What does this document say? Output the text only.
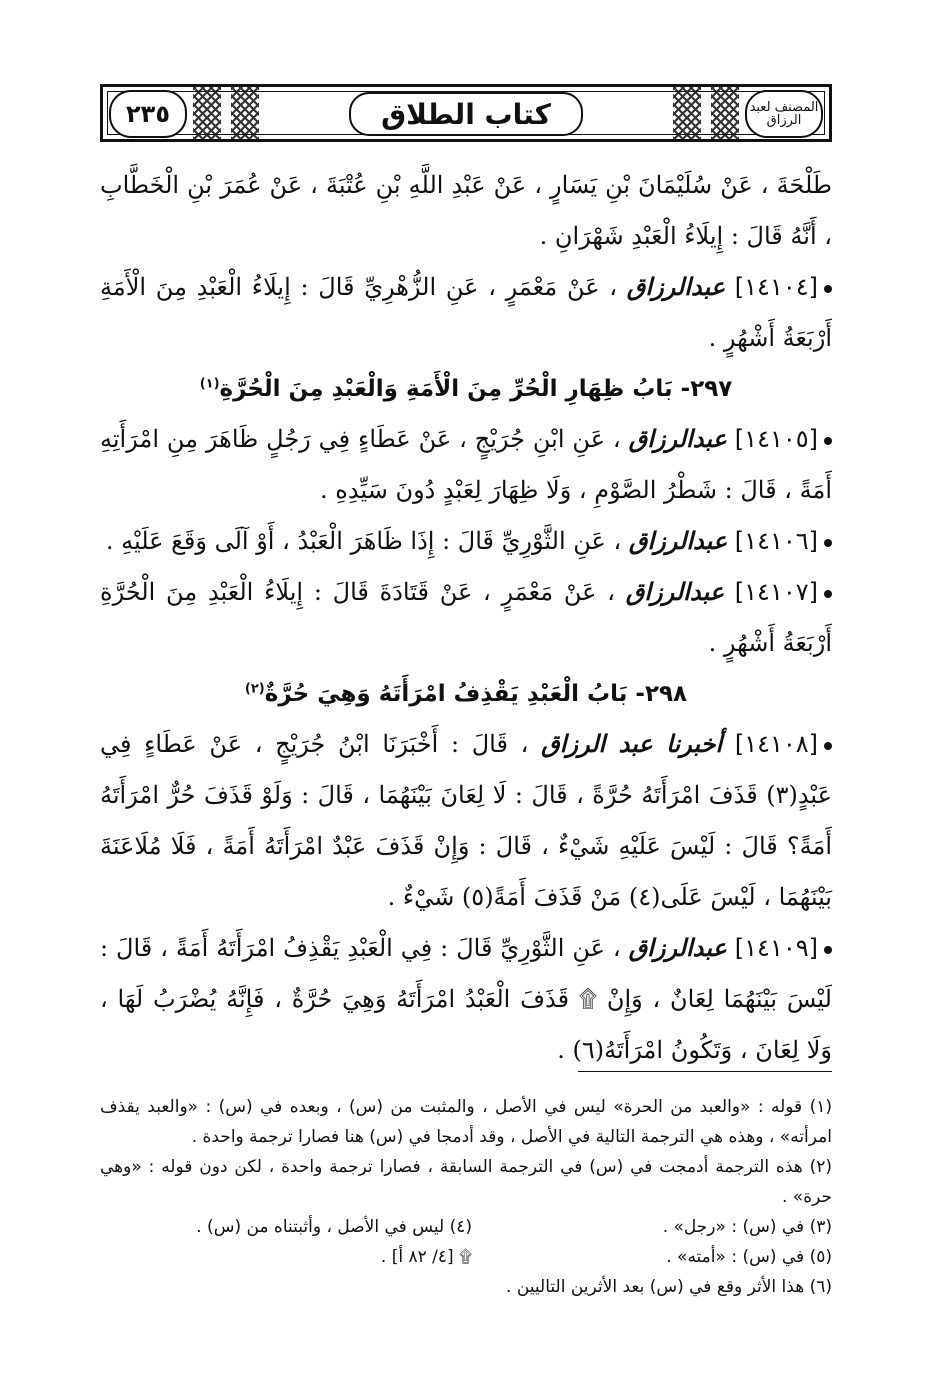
٢٣٥	كتاب الطلاق	المصنف لعبد الرزاق

طَلْحَةَ ، عَنْ سُلَيْمَانَ بْنِ يَسَارٍ ، عَنْ عَبْدِ اللَّهِ بْنِ عُتْبَةَ ، عَنْ عُمَرَ بْنِ الْخَطَّابِ ، أَنَّهُ قَالَ : إِيلَاءُ الْعَبْدِ شَهْرَانِ .

[١٤١٠٤] عبدالرزاق ، عَنْ مَعْمَرٍ ، عَنِ الزُّهْرِيِّ قَالَ : إِيلَاءُ الْعَبْدِ مِنَ الْأَمَةِ أَرْبَعَةُ أَشْهُرٍ .

٢٩٧- بَابُ ظِهَارِ الْحُرِّ مِنَ الْأَمَةِ وَالْعَبْدِ مِنَ الْحُرَّةِ$^{(١)}$

[١٤١٠٥] عبدالرزاق ، عَنِ ابْنِ جُرَيْجٍ ، عَنْ عَطَاءٍ فِي رَجُلٍ ظَاهَرَ مِنِ امْرَأَتِهِ أَمَةً ، قَالَ : شَطْرُ الصَّوْمِ ، وَلَا ظِهَارَ لِعَبْدٍ دُونَ سَيِّدِهِ .

[١٤١٠٦] عبدالرزاق ، عَنِ الثَّوْرِيِّ قَالَ : إِذَا ظَاهَرَ الْعَبْدُ ، أَوْ آلَى وَقَعَ عَلَيْهِ .

[١٤١٠٧] عبدالرزاق ، عَنْ مَعْمَرٍ ، عَنْ قَتَادَةَ قَالَ : إِيلَاءُ الْعَبْدِ مِنَ الْحُرَّةِ أَرْبَعَةُ أَشْهُرٍ .

٢٩٨- بَابُ الْعَبْدِ يَقْذِفُ امْرَأَتَهُ وَهِيَ حُرَّةٌ$^{(٢)}$

[١٤١٠٨] أخبرنا عبد الرزاق ، قَالَ : أَخْبَرَنَا ابْنُ جُرَيْجٍ ، عَنْ عَطَاءٍ فِي عَبْدٍ(٣) قَذَفَ امْرَأَتَهُ حُرَّةً ، قَالَ : لَا لِعَانَ بَيْنَهُمَا ، قَالَ : وَلَوْ قَذَفَ حُرٌّ امْرَأَتَهُ أَمَةً؟ قَالَ : لَيْسَ عَلَيْهِ شَيْءٌ ، قَالَ : وَإِنْ قَذَفَ عَبْدٌ امْرَأَتَهُ أَمَةً ، فَلَا مُلَاعَنَةَ بَيْنَهُمَا ، لَيْسَ عَلَى(٤) مَنْ قَذَفَ أَمَةً(٥) شَيْءٌ .

[١٤١٠٩] عبدالرزاق ، عَنِ الثَّوْرِيِّ قَالَ : فِي الْعَبْدِ يَقْذِفُ امْرَأَتَهُ أَمَةً ، قَالَ : لَيْسَ بَيْنَهُمَا لِعَانٌ ، وَإِنْ ۩ قَذَفَ الْعَبْدُ امْرَأَتَهُ وَهِيَ حُرَّةٌ ، فَإِنَّهُ يُضْرَبُ لَهَا ، وَلَا لِعَانَ ، وَتَكُونُ امْرَأَتَهُ(٦) .

(١) قوله : «والعبد من الحرة» ليس في الأصل ، والمثبت من (س) ، وبعده في (س) : «والعبد يقذف امرأته» ، وهذه هي الترجمة التالية في الأصل ، وقد أدمجا في (س) هنا فصارا ترجمة واحدة .

(٢) هذه الترجمة أدمجت في (س) في الترجمة السابقة ، فصارا ترجمة واحدة ، لكن دون قوله : «وهي حرة» .

(٣) في (س) : «رجل» .
(٤) ليس في الأصل ، وأثبتناه من (س) .
(٥) في (س) : «أمته» .
۩ [٤/ ٨٢ أ] .

(٦) هذا الأثر وقع في (س) بعد الأثرين التاليين .
